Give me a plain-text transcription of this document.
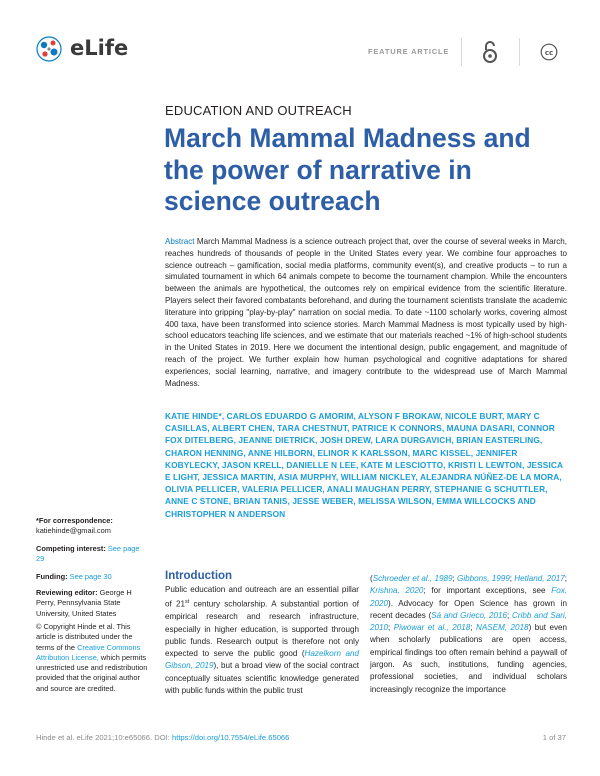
eLife	FEATURE ARTICLE	cc
EDUCATION AND OUTREACH
March Mammal Madness and the power of narrative in science outreach
Abstract March Mammal Madness is a science outreach project that, over the course of several weeks in March, reaches hundreds of thousands of people in the United States every year. We combine four approaches to science outreach – gamification, social media platforms, community event(s), and creative products – to run a simulated tournament in which 64 animals compete to become the tournament champion. While the encounters between the animals are hypothetical, the outcomes rely on empirical evidence from the scientific literature. Players select their favored combatants beforehand, and during the tournament scientists translate the academic literature into gripping "play-by-play" narration on social media. To date ~1100 scholarly works, covering almost 400 taxa, have been transformed into science stories. March Mammal Madness is most typically used by high-school educators teaching life sciences, and we estimate that our materials reached ~1% of high-school students in the United States in 2019. Here we document the intentional design, public engagement, and magnitude of reach of the project. We further explain how human psychological and cognitive adaptations for shared experiences, social learning, narrative, and imagery contribute to the widespread use of March Mammal Madness.
KATIE HINDE*, CARLOS EDUARDO G AMORIM, ALYSON F BROKAW, NICOLE BURT, MARY C CASILLAS, ALBERT CHEN, TARA CHESTNUT, PATRICE K CONNORS, MAUNA DASARI, CONNOR FOX DITELBERG, JEANNE DIETRICK, JOSH DREW, LARA DURGAVICH, BRIAN EASTERLING, CHARON HENNING, ANNE HILBORN, ELINOR K KARLSSON, MARC KISSEL, JENNIFER KOBYLECKY, JASON KRELL, DANIELLE N LEE, KATE M LESCIOTTO, KRISTI L LEWTON, JESSICA E LIGHT, JESSICA MARTIN, ASIA MURPHY, WILLIAM NICKLEY, ALEJANDRA NÚÑEZ-DE LA MORA, OLIVIA PELLICER, VALERIA PELLICER, ANALI MAUGHAN PERRY, STEPHANIE G SCHUTTLER, ANNE C STONE, BRIAN TANIS, JESSE WEBER, MELISSA WILSON, EMMA WILLCOCKS AND CHRISTOPHER N ANDERSON
*For correspondence:
katiehinde@gmail.com
Competing interest: See page 29
Funding: See page 30
Reviewing editor: George H Perry, Pennsylvania State University, United States
© Copyright Hinde et al. This article is distributed under the terms of the Creative Commons Attribution License, which permits unrestricted use and redistribution provided that the original author and source are credited.
Introduction
Public education and outreach are an essential pillar of 21st century scholarship. A substantial portion of empirical research and research infrastructure, especially in higher education, is supported through public funds. Research output is therefore not only expected to serve the public good (Hazelkorn and Gibson, 2019), but a broad view of the social contract conceptually situates scientific knowledge generated with public funds within the public trust
(Schroeder et al., 1989; Gibbons, 1999; Hetland, 2017; Krishna, 2020; for important exceptions, see Fox, 2020). Advocacy for Open Science has grown in recent decades (Sá and Grieco, 2016; Cribb and Sari, 2010; Piwowar et al., 2018; NASEM, 2018) but even when scholarly publications are open access, empirical findings too often remain behind a paywall of jargon. As such, institutions, funding agencies, professional societies, and individual scholars increasingly recognize the importance
Hinde et al. eLife 2021;10:e65066. DOI: https://doi.org/10.7554/eLife.65066	1 of 37
